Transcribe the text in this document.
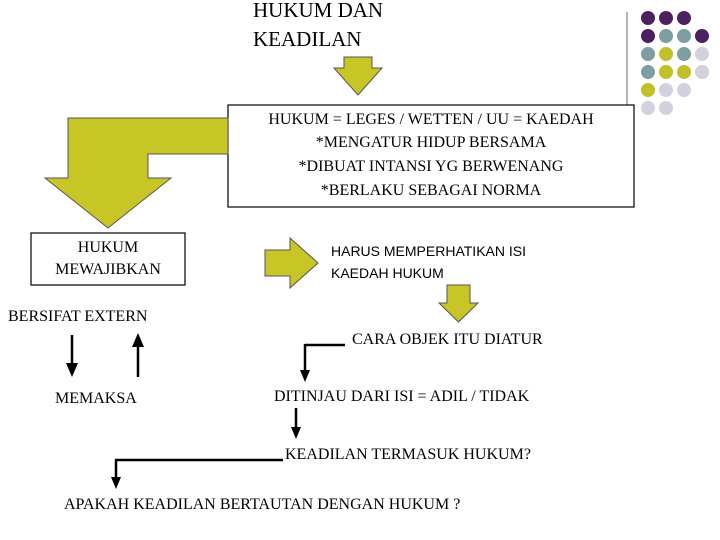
HUKUM DAN
KEADILAN
HUKUM = LEGES / WETTEN / UU = KAEDAH
*MENGATUR HIDUP BERSAMA
*DIBUAT INTANSI YG BERWENANG
*BERLAKU SEBAGAI NORMA
HUKUM
MEWAJIBKAN
HARUS MEMPERHATIKAN ISI
KAEDAH HUKUM
BERSIFAT EXTERN
MEMAKSA
CARA OBJEK ITU DIATUR
DITINJAU DARI ISI = ADIL / TIDAK
KEADILAN TERMASUK HUKUM?
APAKAH KEADILAN BERTAUTAN DENGAN HUKUM ?
